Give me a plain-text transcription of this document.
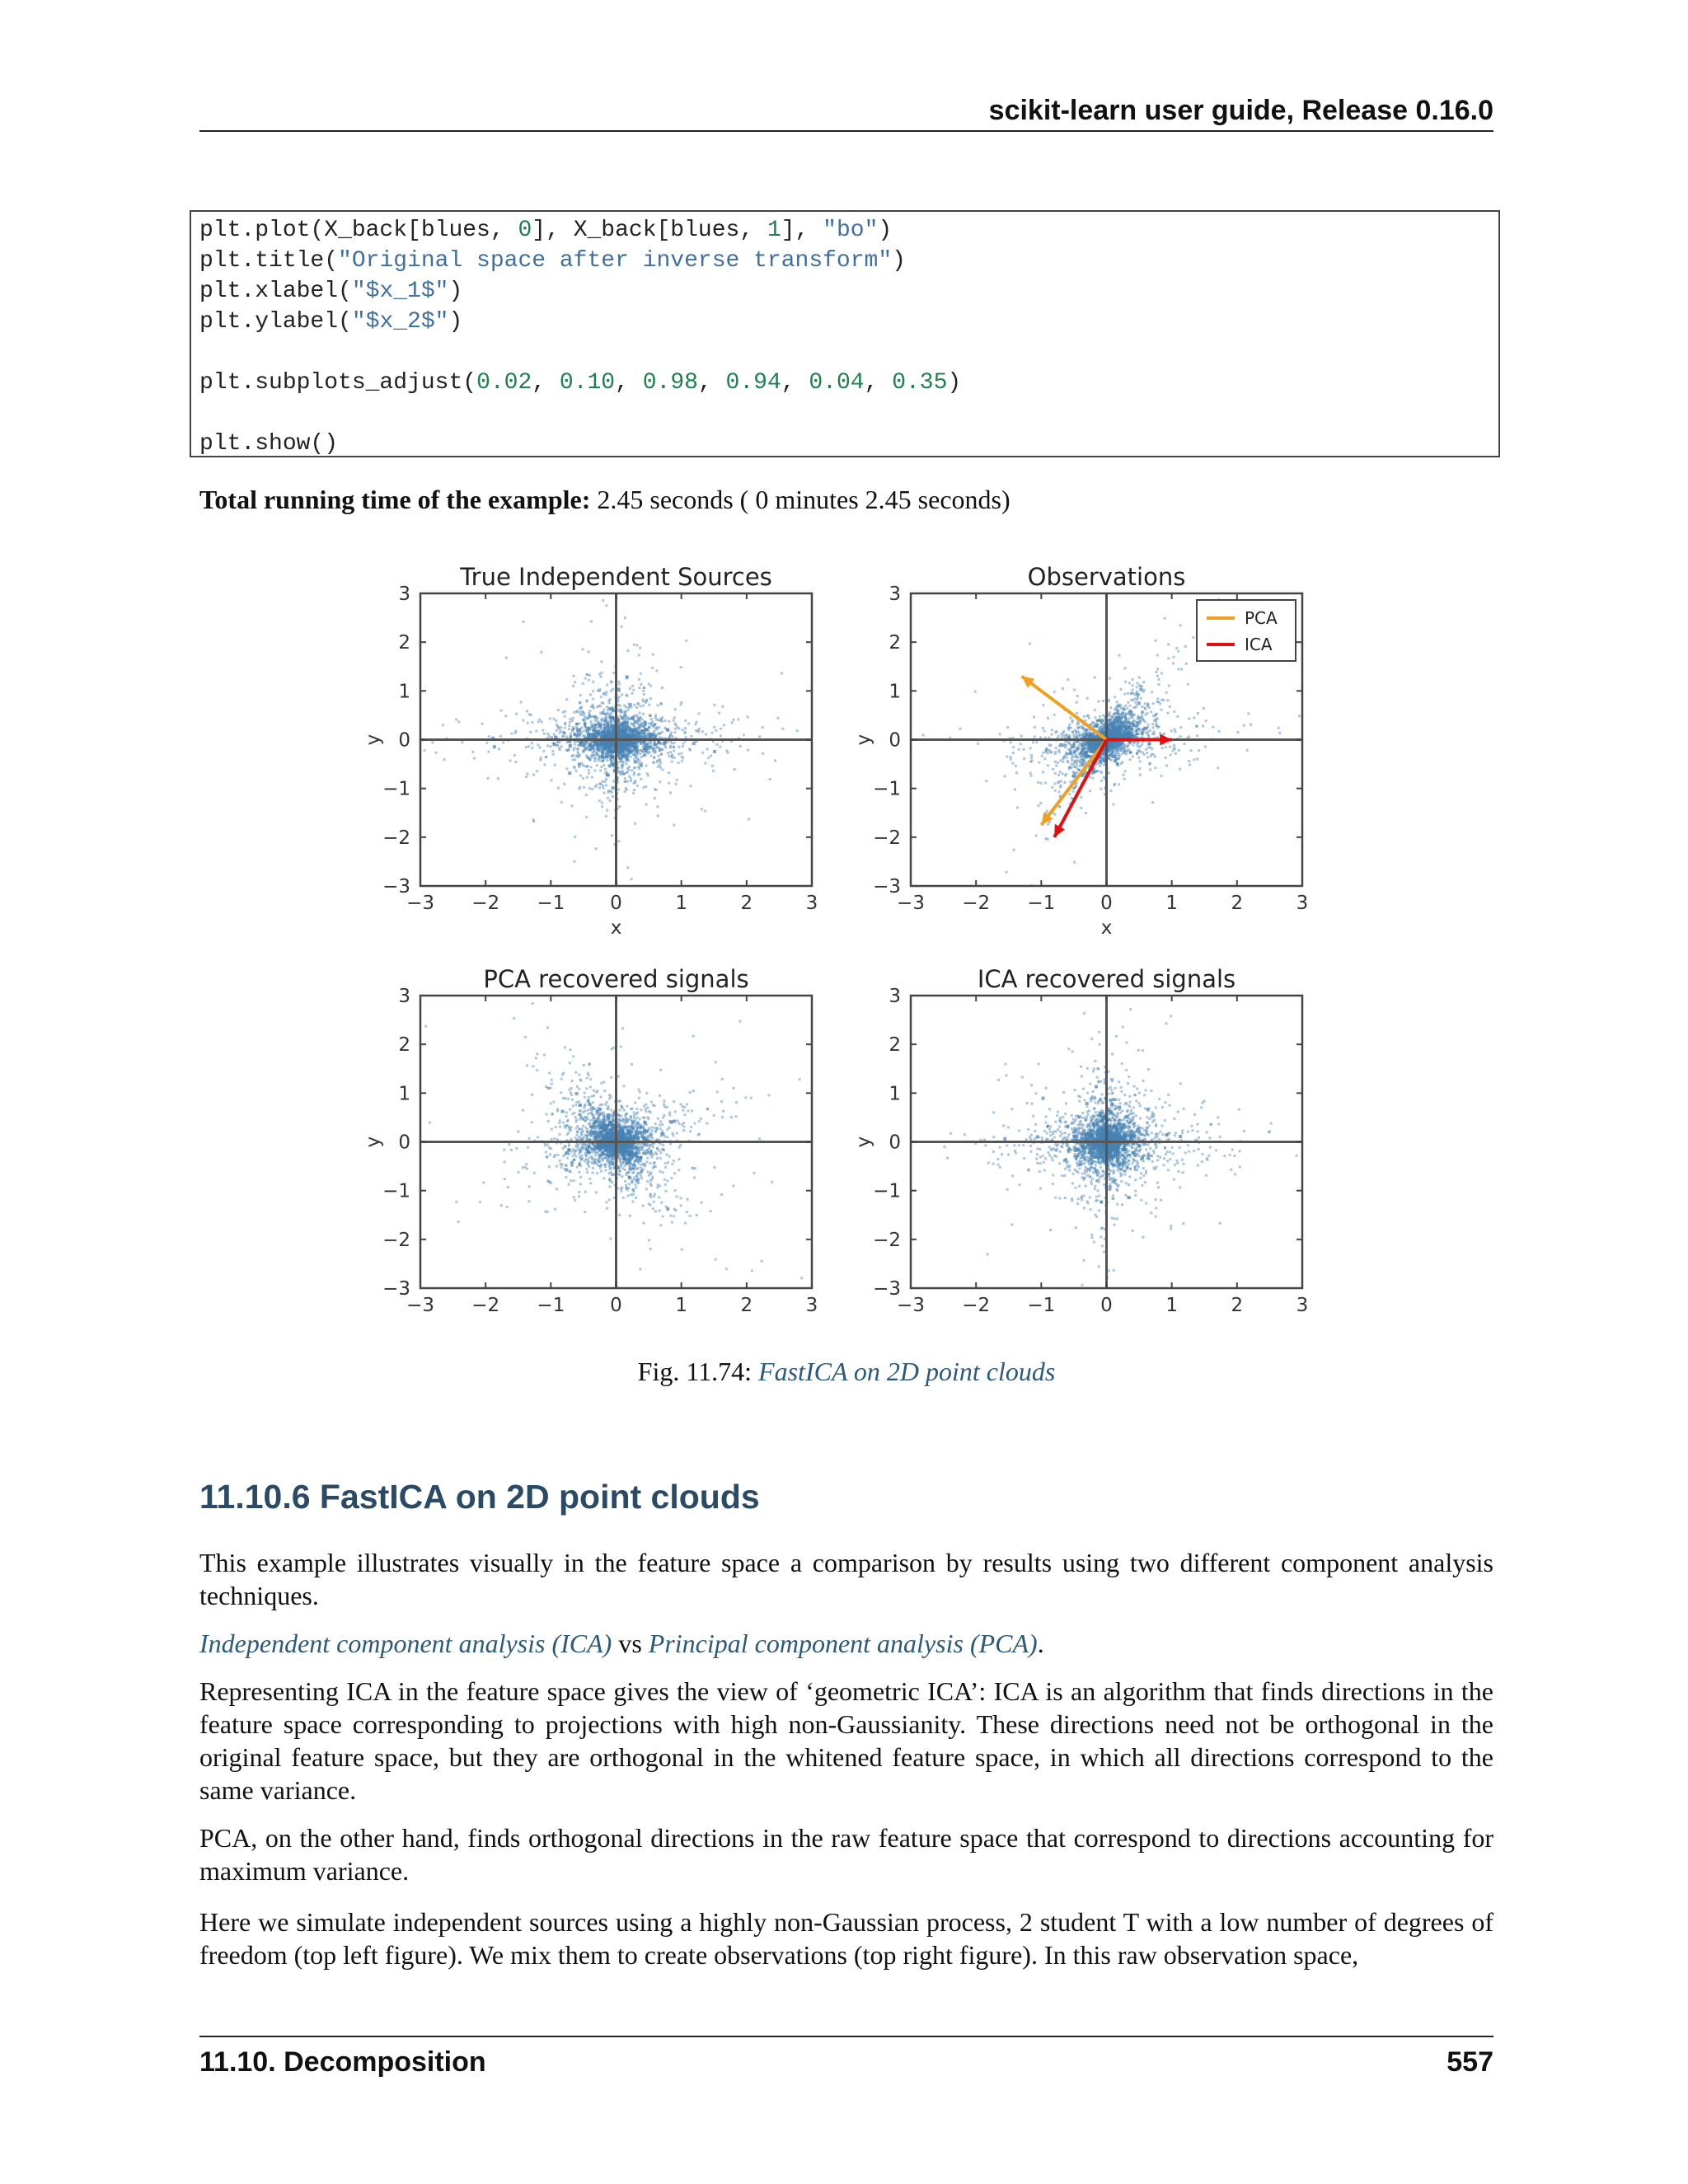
scikit-learn user guide, Release 0.16.0
plt.plot(X_back[blues, 0], X_back[blues, 1], "bo")
plt.title("Original space after inverse transform")
plt.xlabel("$x_1$")
plt.ylabel("$x_2$")
plt.subplots_adjust(0.02, 0.10, 0.98, 0.94, 0.04, 0.35)
plt.show()
Total running time of the example: 2.45 seconds ( 0 minutes 2.45 seconds)
−3 −2 −1 0	1	2	3
3
2
1
0
−1
−2
−3
True Independent Sources
y
x
−3 −2 −1 0	1	2	3
3
2
1
0
−1
−2
−3
Observations
y
x
PCA
ICA
−3 −2 −1 0	1	2	3
3
2
1
0
−1
−2
−3
PCA recovered signals
y
−3 −2 −1 0	1	2	3
3
2
1
0
−1
−2
−3
ICA recovered signals
y
Fig. 11.74: FastICA on 2D point clouds
11.10.6 FastICA on 2D point clouds
This example illustrates visually in the feature space a comparison by results using two different component analysis techniques.
Independent component analysis (ICA) vs Principal component analysis (PCA).
Representing ICA in the feature space gives the view of ‘geometric ICA’: ICA is an algorithm that finds directions in the feature space corresponding to projections with high non-Gaussianity. These directions need not be orthogonal in the original feature space, but they are orthogonal in the whitened feature space, in which all directions correspond to the same variance.
PCA, on the other hand, finds orthogonal directions in the raw feature space that correspond to directions accounting for maximum variance.
Here we simulate independent sources using a highly non-Gaussian process, 2 student T with a low number of degrees of freedom (top left figure). We mix them to create observations (top right figure). In this raw observation space,
11.10. Decomposition	557
